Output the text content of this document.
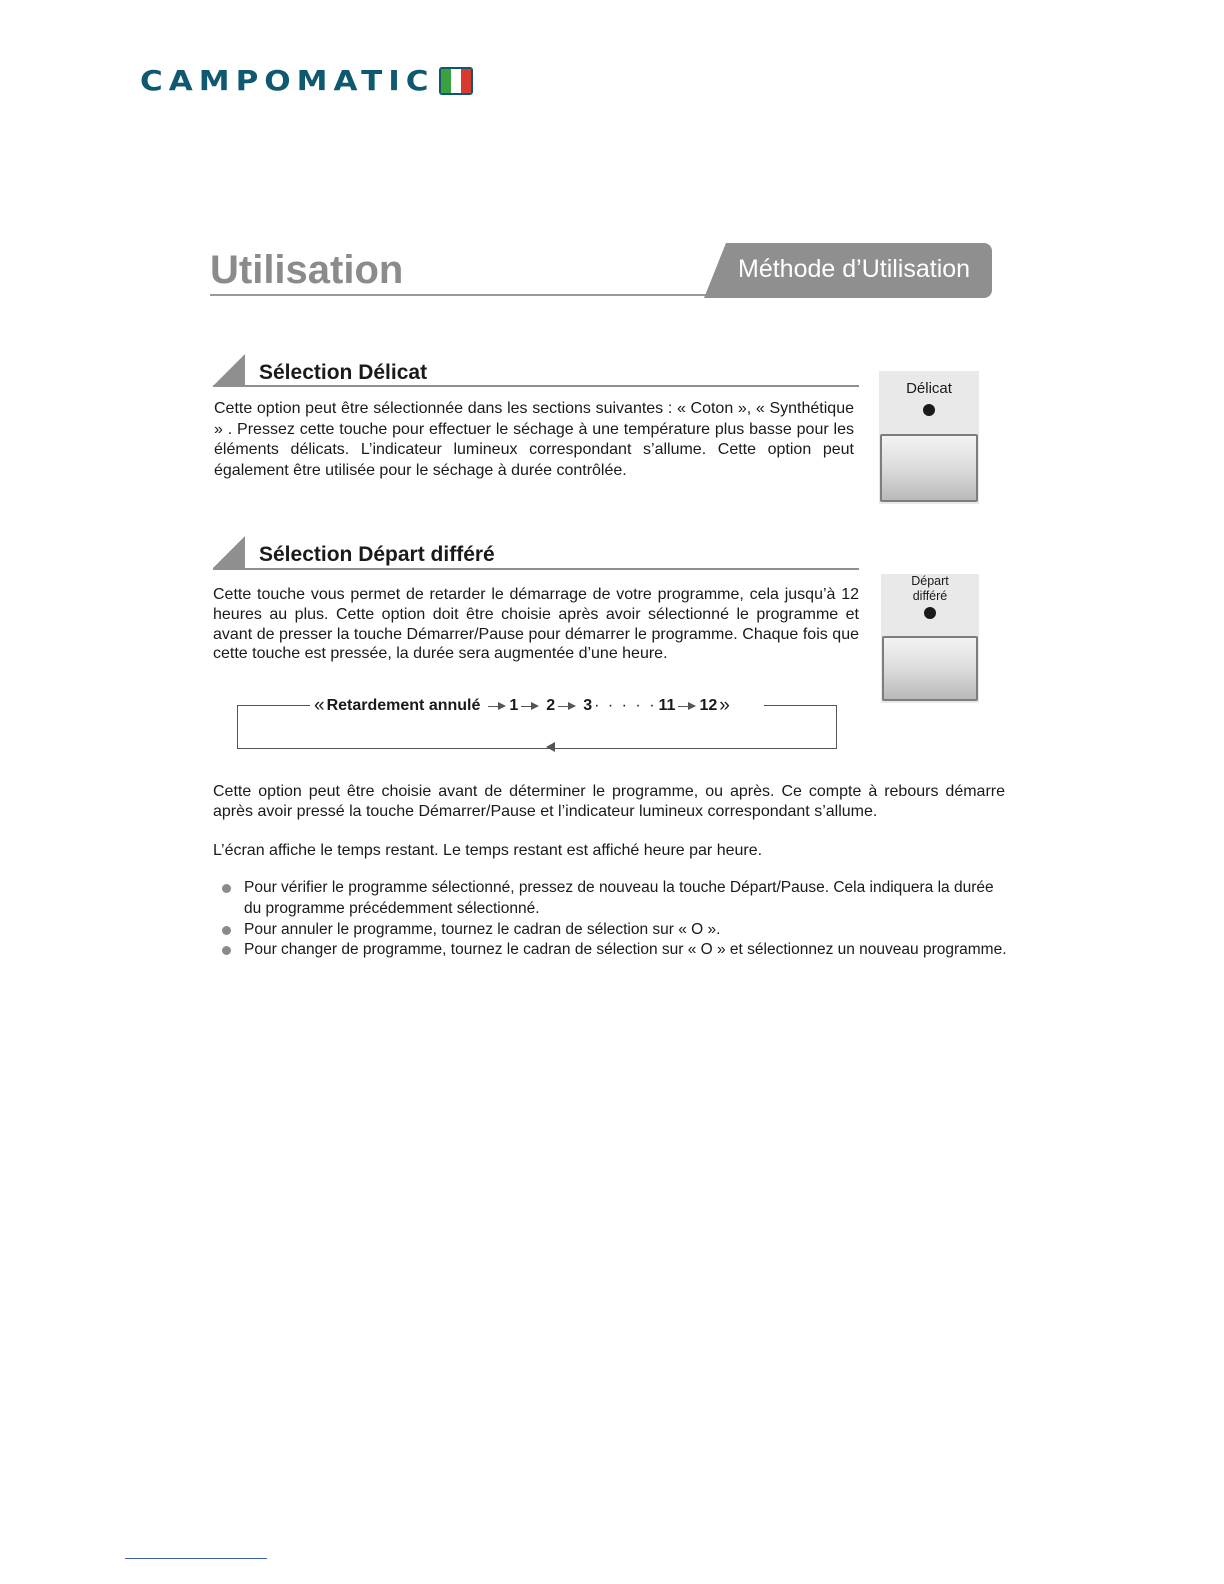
CAMPOMATIC
Utilisation	Méthode d’Utilisation
Sélection Délicat
Cette option peut être sélectionnée dans les sections suivantes : « Coton », « Synthétique » . Pressez cette touche pour effectuer le séchage à une température plus basse pour les éléments délicats. L’indicateur lumineux correspondant s’allume. Cette option peut également être utilisée pour le séchage à durée contrôlée.
Délicat
Sélection Départ différé
Cette touche vous permet de retarder le démarrage de votre programme, cela jusqu’à 12 heures au plus. Cette option doit être choisie après avoir sélectionné le programme et avant de presser la touche Démarrer/Pause pour démarrer le programme. Chaque fois que cette touche est pressée, la durée sera augmentée d’une heure.
Départ
différé
« Retardement annulé 1 2 3 · · · · · 11 12 »
Cette option peut être choisie avant de déterminer le programme, ou après. Ce compte à rebours démarre après avoir pressé la touche Démarrer/Pause et l’indicateur lumineux correspondant s’allume.
L’écran affiche le temps restant. Le temps restant est affiché heure par heure.
Pour vérifier le programme sélectionné, pressez de nouveau la touche Départ/Pause. Cela indiquera la durée du programme précédemment sélectionné.
Pour annuler le programme, tournez le cadran de sélection sur « O ».
Pour changer de programme, tournez le cadran de sélection sur « O » et sélectionnez un nouveau programme.
